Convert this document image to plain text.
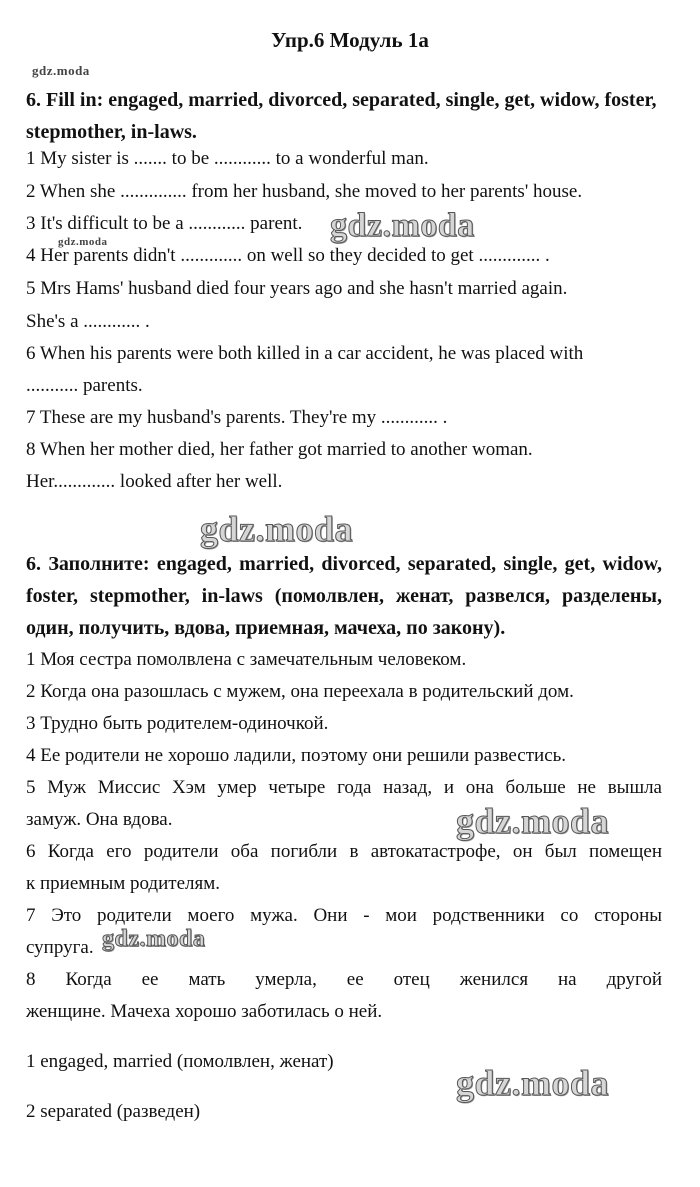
Упр.6 Модуль 1а
gdz.moda
6. Fill in: engaged, married, divorced, separated, single, get, widow, foster, stepmother, in-laws.
1 My sister is ....... to be ............ to a wonderful man.
2 When she .............. from her husband, she moved to her parents' house.
3 It's difficult to be a ............ parent.
4 Her parents didn't ............. on well so they decided to get ............. .
5 Mrs Hams' husband died four years ago and she hasn't married again.
She's a ............ .
6 When his parents were both killed in a car accident, he was placed with
........... parents.
7 These are my husband's parents. They're my ............ .
8 When her mother died, her father got married to another woman.
Her............. looked after her well.
gdz.moda
gdz.moda
gdz.moda
6. Заполните: engaged, married, divorced, separated, single, get, widow, foster, stepmother, in-laws (помолвлен, женат, развелся, разделены, один, получить, вдова, приемная, мачеха, по закону).
1 Моя сестра помолвлена с замечательным человеком.
2 Когда она разошлась с мужем, она переехала в родительский дом.
3 Трудно быть родителем-одиночкой.
4 Ее родители не хорошо ладили, поэтому они решили развестись.
5 Муж Миссис Хэм умер четыре года назад, и она больше не вышла
замуж. Она вдова.
6 Когда его родители оба погибли в автокатастрофе, он был помещен
к приемным родителям.
7 Это родители моего мужа. Они - мои родственники со стороны
супруга.
8 Когда ее мать умерла, ее отец женился на другой
женщине. Мачеха хорошо заботилась о ней.
gdz.moda
gdz.moda
1 engaged, married (помолвлен, женат)
2 separated (разведен)
gdz.moda
